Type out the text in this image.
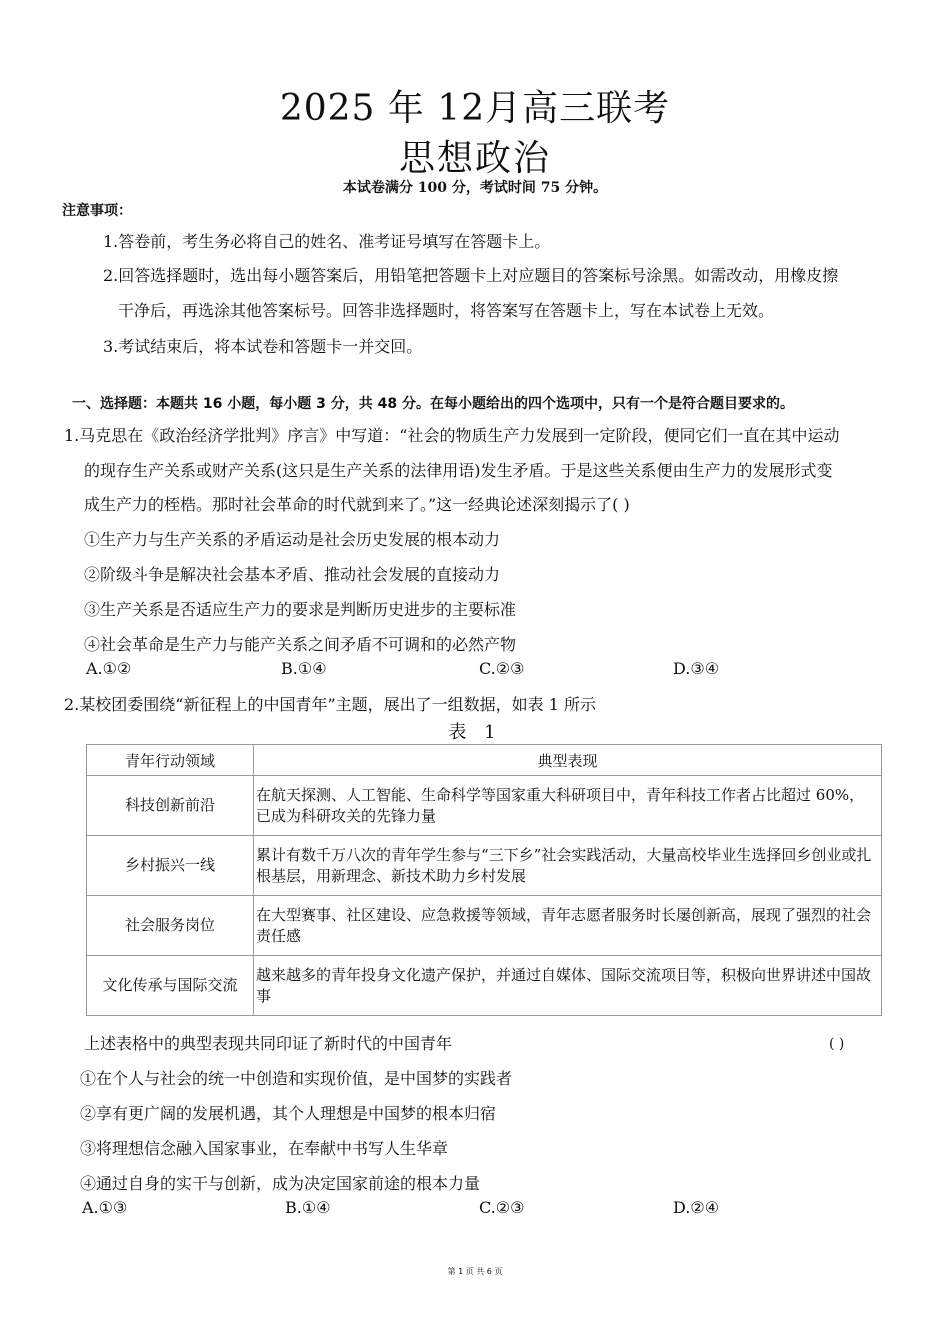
2025 年 12月高三联考
思想政治
本试卷满分 100 分，考试时间 75 分钟。
注意事项：
1.答卷前，考生务必将自己的姓名、准考证号填写在答题卡上。
2.回答选择题时，选出每小题答案后，用铅笔把答题卡上对应题目的答案标号涂黑。如需改动，用橡皮擦
干净后，再选涂其他答案标号。回答非选择题时，将答案写在答题卡上，写在本试卷上无效。
3.考试结束后，将本试卷和答题卡一并交回。
一、选择题：本题共 16 小题，每小题 3 分，共 48 分。在每小题给出的四个选项中，只有一个是符合题目要求的。
1.马克思在《政治经济学批判》序言》中写道：“社会的物质生产力发展到一定阶段，便同它们一直在其中运动
的现存生产关系或财产关系(这只是生产关系的法律用语)发生矛盾。于是这些关系便由生产力的发展形式变
成生产力的桎梏。那时社会革命的时代就到来了。”这一经典论述深刻揭示了( )
①生产力与生产关系的矛盾运动是社会历史发展的根本动力
②阶级斗争是解决社会基本矛盾、推动社会发展的直接动力
③生产关系是否适应生产力的要求是判断历史进步的主要标准
④社会革命是生产力与能产关系之间矛盾不可调和的必然产物
A.①②	B.①④	C.②③	D.③④
2.某校团委围绕“新征程上的中国青年”主题，展出了一组数据，如表 1 所示
表 1
青年行动领域	典型表现
科技创新前沿	在航天探测、人工智能、生命科学等国家重大科研项目中，青年科技工作者占比超过 60%，已成为科研攻关的先锋力量
乡村振兴一线	累计有数千万八次的青年学生参与“三下乡”社会实践活动，大量高校毕业生选择回乡创业或扎根基层，用新理念、新技术助力乡村发展
社会服务岗位	在大型赛事、社区建设、应急救援等领域，青年志愿者服务时长屡创新高，展现了强烈的社会责任感
文化传承与国际交流	越来越多的青年投身文化遗产保护，并通过自媒体、国际交流项目等，积极向世界讲述中国故事
上述表格中的典型表现共同印证了新时代的中国青年	( )
①在个人与社会的统一中创造和实现价值，是中国梦的实践者
②享有更广阔的发展机遇，其个人理想是中国梦的根本归宿
③将理想信念融入国家事业，在奉献中书写人生华章
④通过自身的实干与创新，成为决定国家前途的根本力量
A.①③	B.①④	C.②③	D.②④
第 1 页 共 6 页
